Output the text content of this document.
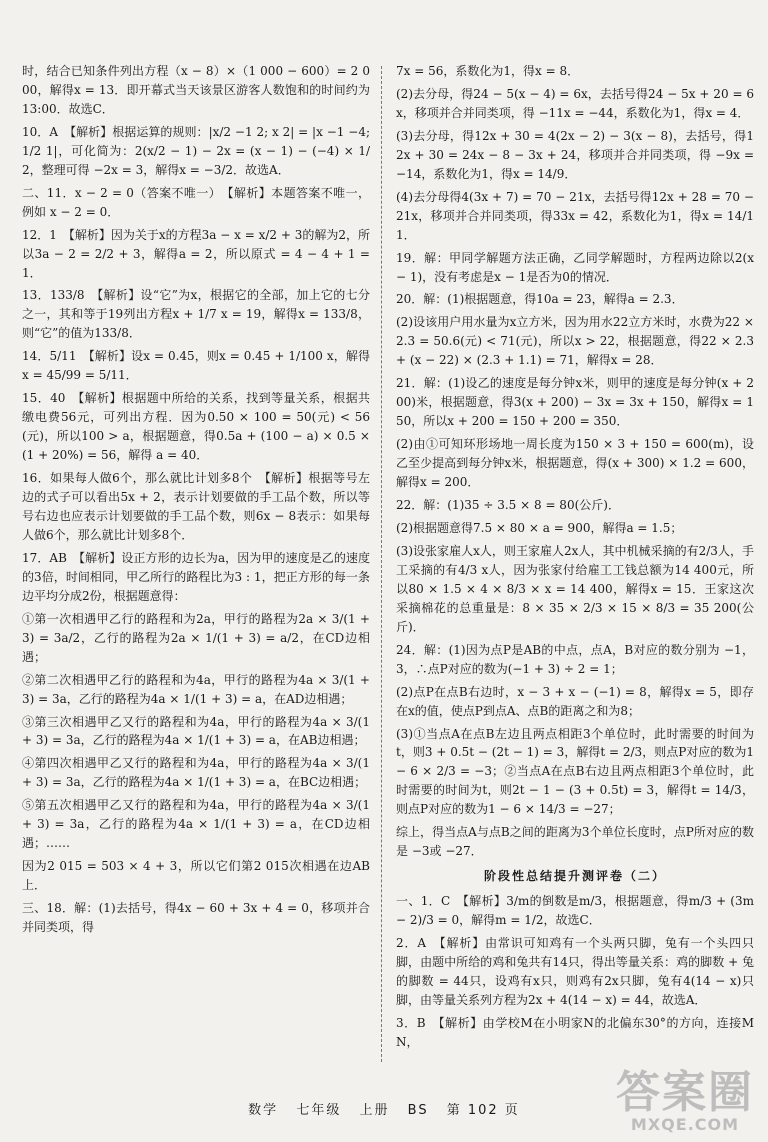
时，结合已知条件列出方程（x − 8）×（1 000 − 600）= 2 000，解得x = 13．即开幕式当天该景区游客人数饱和的时间约为13:00．故选C．

10．A　【解析】根据运算的规则：|x/2 −1 2; x 2| = |x −1 −4; 1/2 1|，可化简为：2(x/2 − 1) − 2x = (x − 1) − (−4) × 1/2，整理可得 −2x = 3，解得x = −3/2．故选A．

二、11．x − 2 = 0（答案不唯一）　【解析】本题答案不唯一，例如 x − 2 = 0．

12．1　【解析】因为关于x的方程3a − x = x/2 + 3的解为2，所以3a − 2 = 2/2 + 3，解得a = 2，所以原式 = 4 − 4 + 1 = 1．

13．133/8　【解析】设“它”为x，根据它的全部，加上它的七分之一，其和等于19列出方程x + 1/7 x = 19，解得x = 133/8，则“它”的值为133/8．

14．5/11　【解析】设x = 0.45，则x = 0.45 + 1/100 x，解得x = 45/99 = 5/11．

15．40　【解析】根据题中所给的关系，找到等量关系，根据共缴电费56元，可列出方程．因为0.50 × 100 = 50(元) < 56(元)，所以100 > a，根据题意，得0.5a + (100 − a) × 0.5 × (1 + 20%) = 56，解得 a = 40．

16．如果每人做6个，那么就比计划多8个　【解析】根据等号左边的式子可以看出5x + 2，表示计划要做的手工品个数，所以等号右边也应表示计划要做的手工品个数，则6x − 8表示：如果每人做6个，那么就比计划多8个．

17．AB　【解析】设正方形的边长为a，因为甲的速度是乙的速度的3倍，时间相同，甲乙所行的路程比为3 : 1，把正方形的每一条边平均分成2份，根据题意得：

①第一次相遇甲乙行的路程和为2a，甲行的路程为2a × 3/(1 + 3) = 3a/2，乙行的路程为2a × 1/(1 + 3) = a/2，在CD边相遇；

②第二次相遇甲乙行的路程和为4a，甲行的路程为4a × 3/(1 + 3) = 3a，乙行的路程为4a × 1/(1 + 3) = a，在AD边相遇；

③第三次相遇甲乙又行的路程和为4a，甲行的路程为4a × 3/(1 + 3) = 3a，乙行的路程为4a × 1/(1 + 3) = a，在AB边相遇；

④第四次相遇甲乙又行的路程和为4a，甲行的路程为4a × 3/(1 + 3) = 3a，乙行的路程为4a × 1/(1 + 3) = a，在BC边相遇；

⑤第五次相遇甲乙又行的路程和为4a，甲行的路程为4a × 3/(1 + 3) = 3a，乙行的路程为4a × 1/(1 + 3) = a，在CD边相遇；……

因为2 015 = 503 × 4 + 3，所以它们第2 015次相遇在边AB上．

三、18．解：(1)去括号，得4x − 60 + 3x + 4 = 0，移项并合并同类项，得

7x = 56，系数化为1，得x = 8．

(2)去分母，得24 − 5(x − 4) = 6x，去括号得24 − 5x + 20 = 6x，移项并合并同类项，得 −11x = −44，系数化为1，得x = 4．

(3)去分母，得12x + 30 = 4(2x − 2) − 3(x − 8)，去括号，得12x + 30 = 24x − 8 − 3x + 24，移项并合并同类项，得 −9x = −14，系数化为1，得x = 14/9．

(4)去分母得4(3x + 7) = 70 − 21x，去括号得12x + 28 = 70 − 21x，移项并合并同类项，得33x = 42，系数化为1，得x = 14/11．

19．解：甲同学解题方法正确，乙同学解题时，方程两边除以2(x − 1)，没有考虑是x − 1是否为0的情况．

20．解：(1)根据题意，得10a = 23，解得a = 2.3．

(2)设该用户用水量为x立方米，因为用水22立方米时，水费为22 × 2.3 = 50.6(元) < 71(元)，所以x > 22，根据题意，得22 × 2.3 + (x − 22) × (2.3 + 1.1) = 71，解得x = 28．

21．解：(1)设乙的速度是每分钟x米，则甲的速度是每分钟(x + 200)米，根据题意，得3(x + 200) − 3x = 3x + 150，解得x = 150，所以x + 200 = 150 + 200 = 350．

(2)由①可知环形场地一周长度为150 × 3 + 150 = 600(m)，设乙至少提高到每分钟x米，根据题意，得(x + 300) × 1.2 = 600，解得x = 200．

22．解：(1)35 ÷ 3.5 × 8 = 80(公斤)．

(2)根据题意得7.5 × 80 × a = 900，解得a = 1.5；

(3)设张家雇人x人，则王家雇人2x人，其中机械采摘的有2/3人，手工采摘的有4/3 x人，因为张家付给雇工工钱总额为14 400元，所以80 × 1.5 × 4 × 8/3 × x = 14 400，解得x = 15．王家这次采摘棉花的总重量是：8 × 35 × 2/3 × 15 × 8/3 = 35 200(公斤)．

24．解：(1)因为点P是AB的中点，点A，B对应的数分别为 −1，3，∴点P对应的数为(−1 + 3) ÷ 2 = 1；

(2)点P在点B右边时，x − 3 + x − (−1) = 8，解得x = 5，即存在x的值，使点P到点A、点B的距离之和为8；

(3)①当点A在点B左边且两点相距3个单位时，此时需要的时间为t，则3 + 0.5t − (2t − 1) = 3，解得t = 2/3，则点P对应的数为1 − 6 × 2/3 = −3；②当点A在点B右边且两点相距3个单位时，此时需要的时间为t，则2t − 1 − (3 + 0.5t) = 3，解得t = 14/3，则点P对应的数为1 − 6 × 14/3 = −27；

综上，得当点A与点B之间的距离为3个单位长度时，点P所对应的数是 −3或 −27．

阶段性总结提升测评卷（二）

一、1．C　【解析】3/m的倒数是m/3，根据题意，得m/3 + (3m − 2)/3 = 0，解得m = 1/2，故选C．

2．A　【解析】由常识可知鸡有一个头两只脚，兔有一个头四只脚，由题中所给的鸡和兔共有14只，得出等量关系：鸡的脚数 + 兔的脚数 = 44只，设鸡有x只，则鸡有2x只脚，兔有4(14 − x)只脚，由等量关系列方程为2x + 4(14 − x) = 44，故选A．

3．B　【解析】由学校M在小明家N的北偏东30°的方向，连接MN，

数学 七年级 上册 BS 第 102 页	答案圈
MXQE.COM
